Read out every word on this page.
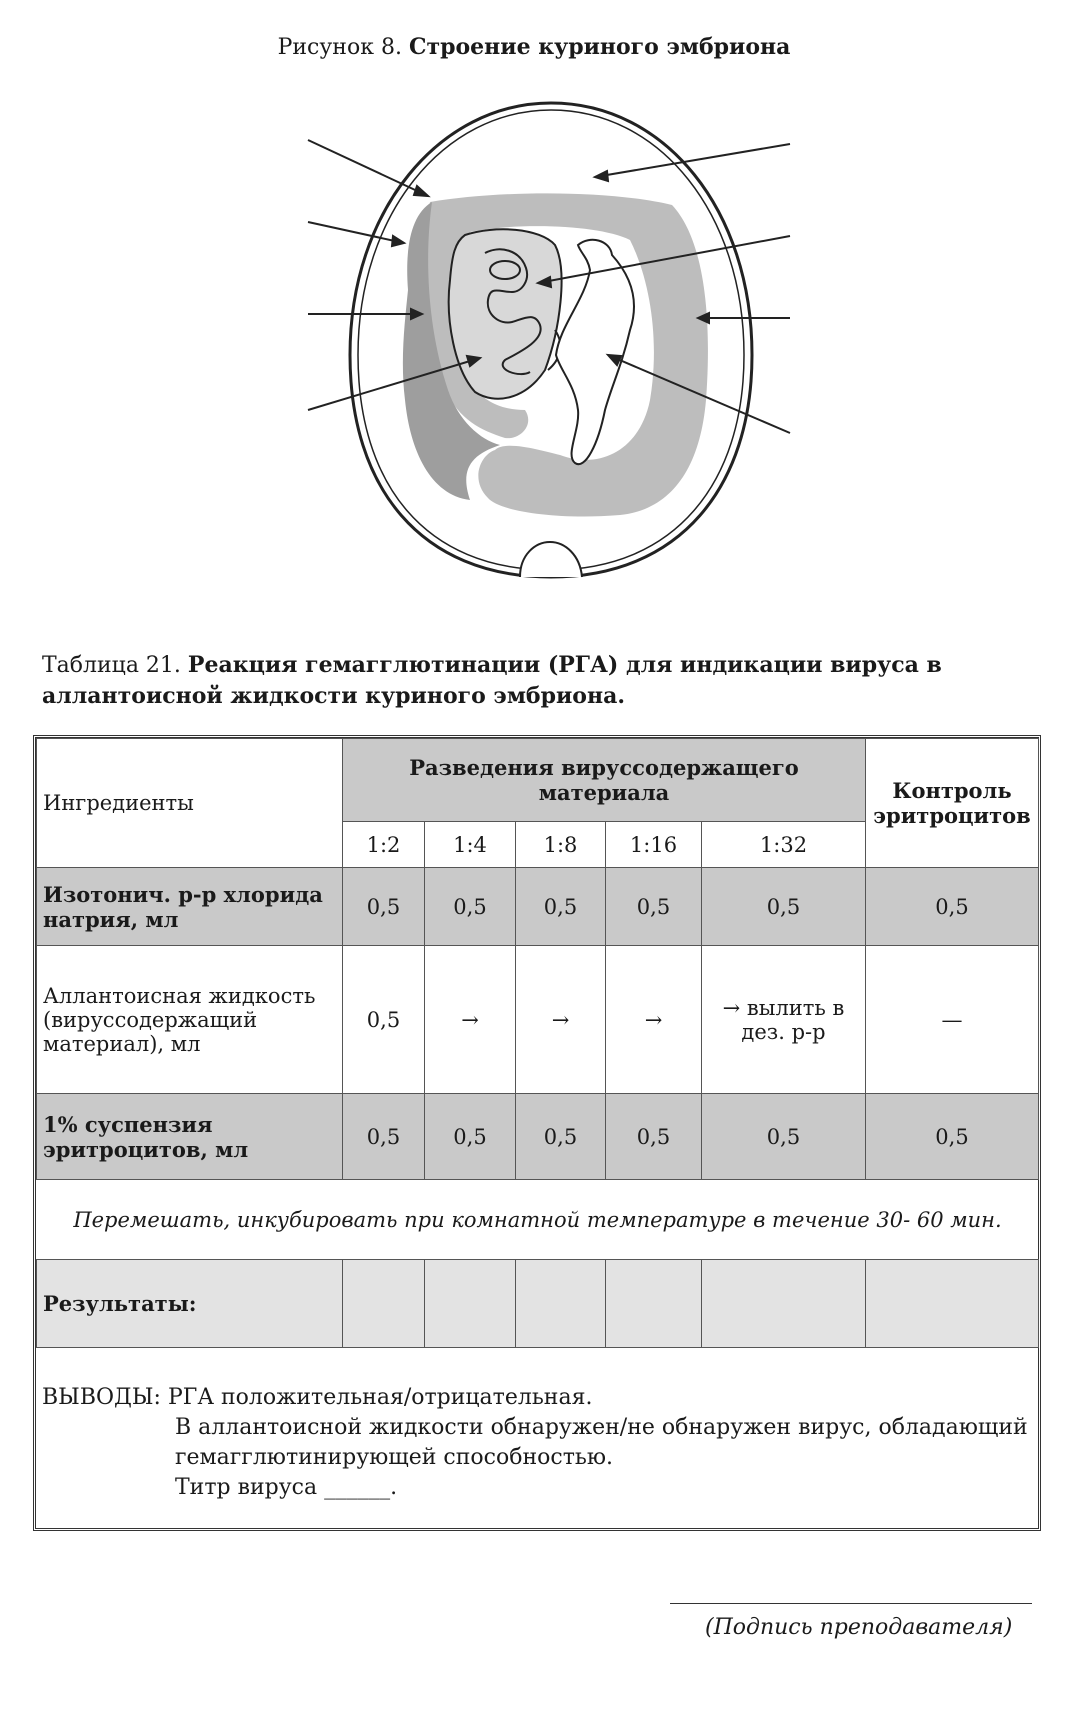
Рисунок 8. Строение куриного эмбриона
Таблица 21. Реакция гемагглютинации (РГА) для индикации вируса в аллантоисной жидкости куриного эмбриона.
Ингредиенты	Разведения вируссодержащего материала					Контроль эритроцитов
	1:2	1:4	1:8	1:16	1:32	
Изотонич. р-р хлорида натрия, мл	0,5	0,5	0,5	0,5	0,5	0,5
Аллантоисная жидкость (вируссодержащий материал), мл	0,5	→	→	→	→ вылить в дез. р-р	—
1% суспензия эритроцитов, мл	0,5	0,5	0,5	0,5	0,5	0,5
Перемешать, инкубировать при комнатной температуре в течение 30- 60 мин.						
Результаты:						
ВЫВОДЫ: РГА положительная/отрицательная.
В аллантоисной жидкости обнаружен/не обнаружен вирус, обладающий
гемагглютинирующей способностью.
Титр вируса ______.
(Подпись преподавателя)
